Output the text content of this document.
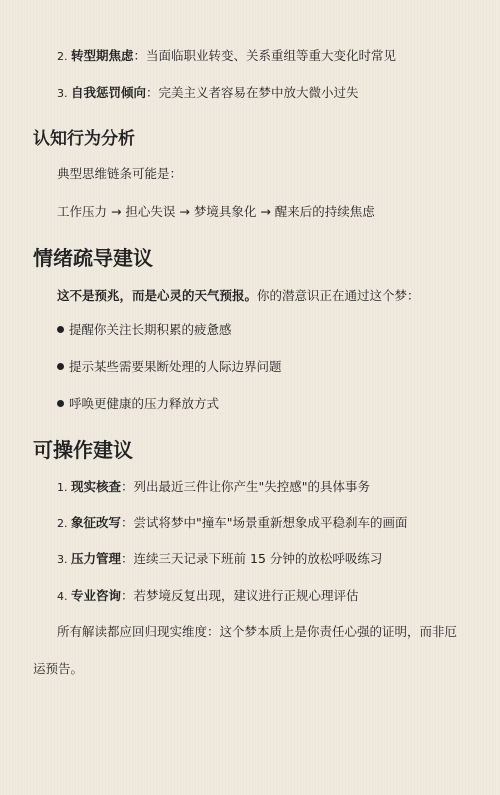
2. 转型期焦虑：当面临职业转变、关系重组等重大变化时常见
3. 自我惩罚倾向：完美主义者容易在梦中放大微小过失
认知行为分析
典型思维链条可能是：
工作压力 → 担心失误 → 梦境具象化 → 醒来后的持续焦虑
情绪疏导建议
这不是预兆，而是心灵的天气预报。你的潜意识正在通过这个梦：
提醒你关注长期积累的疲惫感
提示某些需要果断处理的人际边界问题
呼唤更健康的压力释放方式
可操作建议
1. 现实核查：列出最近三件让你产生"失控感"的具体事务
2. 象征改写：尝试将梦中"撞车"场景重新想象成平稳刹车的画面
3. 压力管理：连续三天记录下班前 15 分钟的放松呼吸练习
4. 专业咨询：若梦境反复出现，建议进行正规心理评估
所有解读都应回归现实维度：这个梦本质上是你责任心强的证明，而非厄
运预告。
